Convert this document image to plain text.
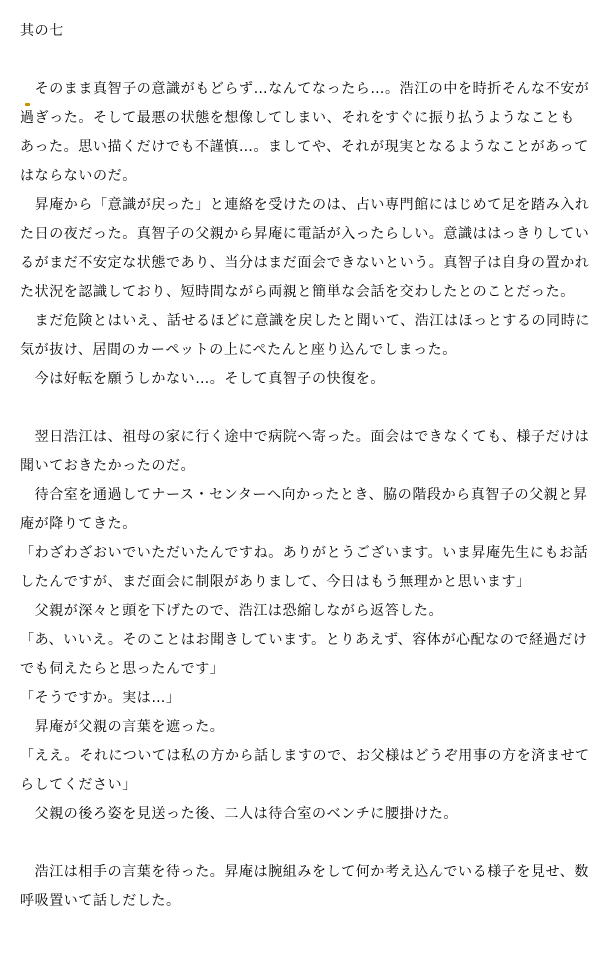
其の七
　そのまま真智子の意識がもどらず…なんてなったら…。浩江の中を時折そんな不安が
過ぎった。そして最悪の状態を想像してしまい、それをすぐに振り払うようなことも
あった。思い描くだけでも不謹慎…。ましてや、それが現実となるようなことがあって
はならないのだ。
　昇庵から「意識が戻った」と連絡を受けたのは、占い専門館にはじめて足を踏み入れ
た日の夜だった。真智子の父親から昇庵に電話が入ったらしい。意識ははっきりしてい
るがまだ不安定な状態であり、当分はまだ面会できないという。真智子は自身の置かれ
た状況を認識しており、短時間ながら両親と簡単な会話を交わしたとのことだった。
　まだ危険とはいえ、話せるほどに意識を戻したと聞いて、浩江はほっとするの同時に
気が抜け、居間のカーペットの上にぺたんと座り込んでしまった。
　今は好転を願うしかない…。そして真智子の快復を。
　翌日浩江は、祖母の家に行く途中で病院へ寄った。面会はできなくても、様子だけは
聞いておきたかったのだ。
　待合室を通過してナース・センターへ向かったとき、脇の階段から真智子の父親と昇
庵が降りてきた。
「わざわざおいでいただいたんですね。ありがとうございます。いま昇庵先生にもお話
したんですが、まだ面会に制限がありまして、今日はもう無理かと思います」
　父親が深々と頭を下げたので、浩江は恐縮しながら返答した。
「あ、いいえ。そのことはお聞きしています。とりあえず、容体が心配なので経過だけ
でも伺えたらと思ったんです」
「そうですか。実は…」
　昇庵が父親の言葉を遮った。
「ええ。それについては私の方から話しますので、お父様はどうぞ用事の方を済ませて
らしてください」
　父親の後ろ姿を見送った後、二人は待合室のベンチに腰掛けた。
　浩江は相手の言葉を待った。昇庵は腕組みをして何か考え込んでいる様子を見せ、数
呼吸置いて話しだした。
